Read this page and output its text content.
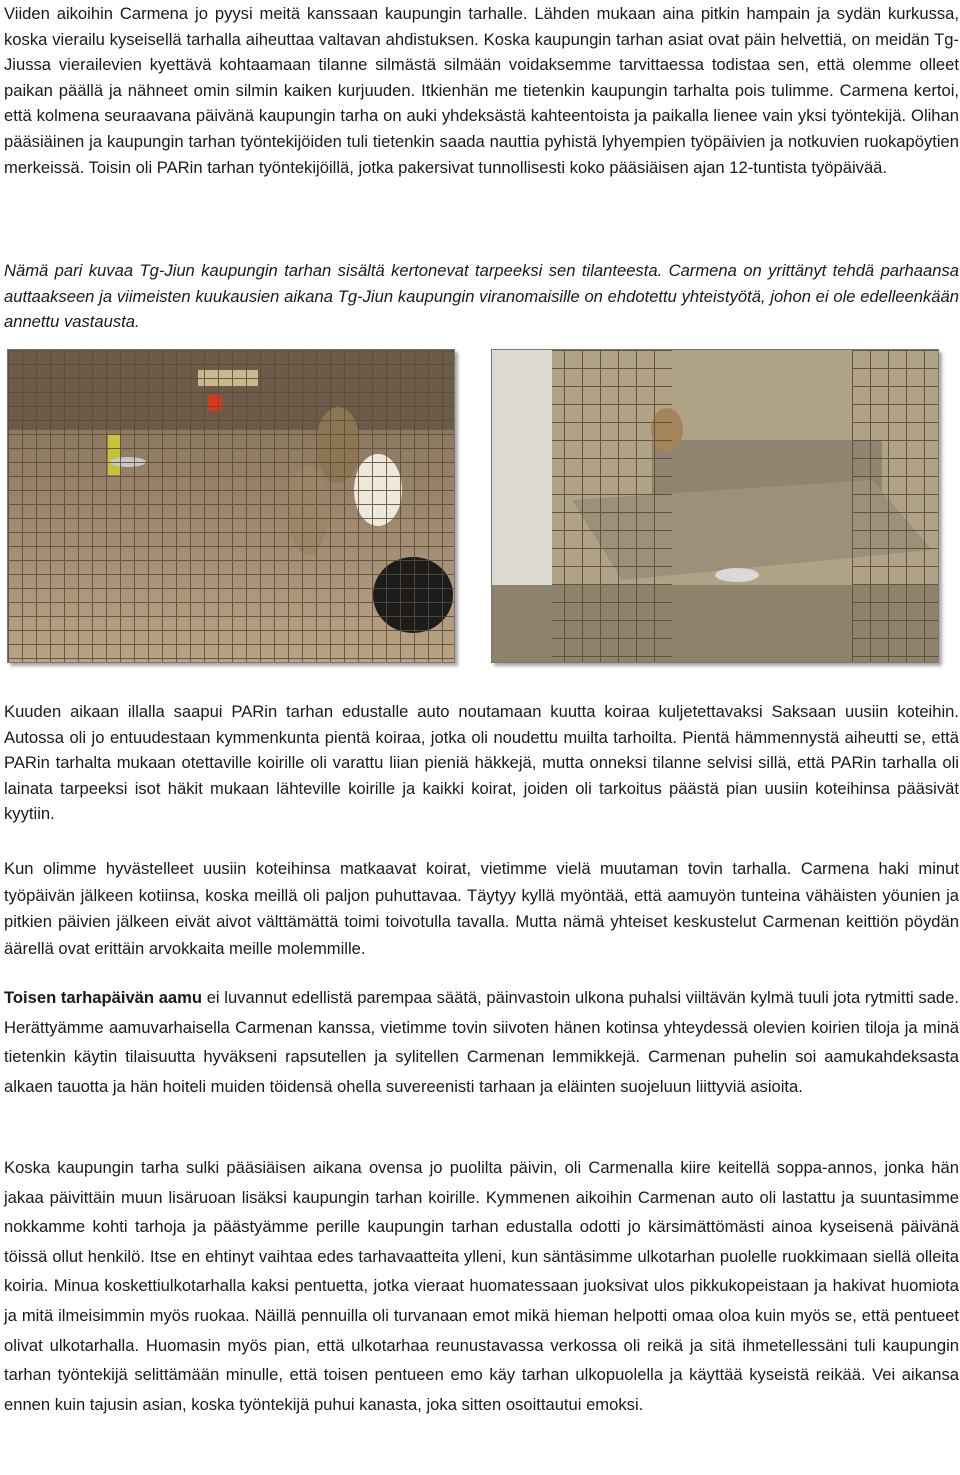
Viiden aikoihin Carmena jo pyysi meitä kanssaan kaupungin tarhalle. Lähden mukaan aina pitkin hampain ja sydän kurkussa, koska vierailu kyseisellä tarhalla aiheuttaa valtavan ahdistuksen. Koska kaupungin tarhan asiat ovat päin helvettiä, on meidän Tg-Jiussa vierailevien kyettävä kohtaamaan tilanne silmästä silmään voidaksemme tarvittaessa todistaa sen, että olemme olleet paikan päällä ja nähneet omin silmin kaiken kurjuuden. Itkienhän me tietenkin kaupungin tarhalta pois tulimme. Carmena kertoi, että kolmena seuraavana päivänä kaupungin tarha on auki yhdeksästä kahteentoista ja paikalla lienee vain yksi työntekijä. Olihan pääsiäinen ja kaupungin tarhan työntekijöiden tuli tietenkin saada nauttia pyhistä lyhyempien työpäivien ja notkuvien ruokapöytien merkeissä. Toisin oli PARin tarhan työntekijöillä, jotka pakersivat tunnollisesti koko pääsiäisen ajan 12-tuntista työpäivää.

Nämä pari kuvaa Tg-Jiun kaupungin tarhan sisältä kertonevat tarpeeksi sen tilanteesta. Carmena on yrittänyt tehdä parhaansa auttaakseen ja viimeisten kuukausien aikana Tg-Jiun kaupungin viranomaisille on ehdotettu yhteistyötä, johon ei ole edelleenkään annettu vastausta.

Kuuden aikaan illalla saapui PARin tarhan edustalle auto noutamaan kuutta koiraa kuljetettavaksi Saksaan uusiin koteihin. Autossa oli jo entuudestaan kymmenkunta pientä koiraa, jotka oli noudettu muilta tarhoilta. Pientä hämmennystä aiheutti se, että PARin tarhalta mukaan otettaville koirille oli varattu liian pieniä häkkejä, mutta onneksi tilanne selvisi sillä, että PARin tarhalla oli lainata tarpeeksi isot häkit mukaan lähteville koirille ja kaikki koirat, joiden oli tarkoitus päästä pian uusiin koteihinsa pääsivät kyytiin.

Kun olimme hyvästelleet uusiin koteihinsa matkaavat koirat, vietimme vielä muutaman tovin tarhalla. Carmena haki minut työpäivän jälkeen kotiinsa, koska meillä oli paljon puhuttavaa. Täytyy kyllä myöntää, että aamuyön tunteina vähäisten yöunien ja pitkien päivien jälkeen eivät aivot välttämättä toimi toivotulla tavalla. Mutta nämä yhteiset keskustelut Carmenan keittiön pöydän äärellä ovat erittäin arvokkaita meille molemmille.

Toisen tarhapäivän aamu ei luvannut edellistä parempaa säätä, päinvastoin ulkona puhalsi viiltävän kylmä tuuli jota rytmitti sade. Herättyämme aamuvarhaisella Carmenan kanssa, vietimme tovin siivoten hänen kotinsa yhteydessä olevien koirien tiloja ja minä tietenkin käytin tilaisuutta hyväkseni rapsutellen ja sylitellen Carmenan lemmikkejä. Carmenan puhelin soi aamukahdeksasta alkaen tauotta ja hän hoiteli muiden töidensä ohella suvereenisti tarhaan ja eläinten suojeluun liittyviä asioita.

Koska kaupungin tarha sulki pääsiäisen aikana ovensa jo puolilta päivin, oli Carmenalla kiire keitellä soppa-annos, jonka hän jakaa päivittäin muun lisäruoan lisäksi kaupungin tarhan koirille. Kymmenen aikoihin Carmenan auto oli lastattu ja suuntasimme nokkamme kohti tarhoja ja päästyämme perille kaupungin tarhan edustalla odotti jo kärsimättömästi ainoa kyseisenä päivänä töissä ollut henkilö. Itse en ehtinyt vaihtaa edes tarhavaatteita ylleni, kun säntäsimme ulkotarhan puolelle ruokkimaan siellä olleita koiria. Minua koskettiulkotarhalla kaksi pentuetta, jotka vieraat huomatessaan juoksivat ulos pikkukopeistaan ja hakivat huomiota ja mitä ilmeisimmin myös ruokaa. Näillä pennuilla oli turvanaan emot mikä hieman helpotti omaa oloa kuin myös se, että pentueet olivat ulkotarhalla. Huomasin myös pian, että ulkotarhaa reunustavassa verkossa oli reikä ja sitä ihmetellessäni tuli kaupungin tarhan työntekijä selittämään minulle, että toisen pentueen emo käy tarhan ulkopuolella ja käyttää kyseistä reikää. Vei aikansa ennen kuin tajusin asian, koska työntekijä puhui kanasta, joka sitten osoittautui emoksi.
